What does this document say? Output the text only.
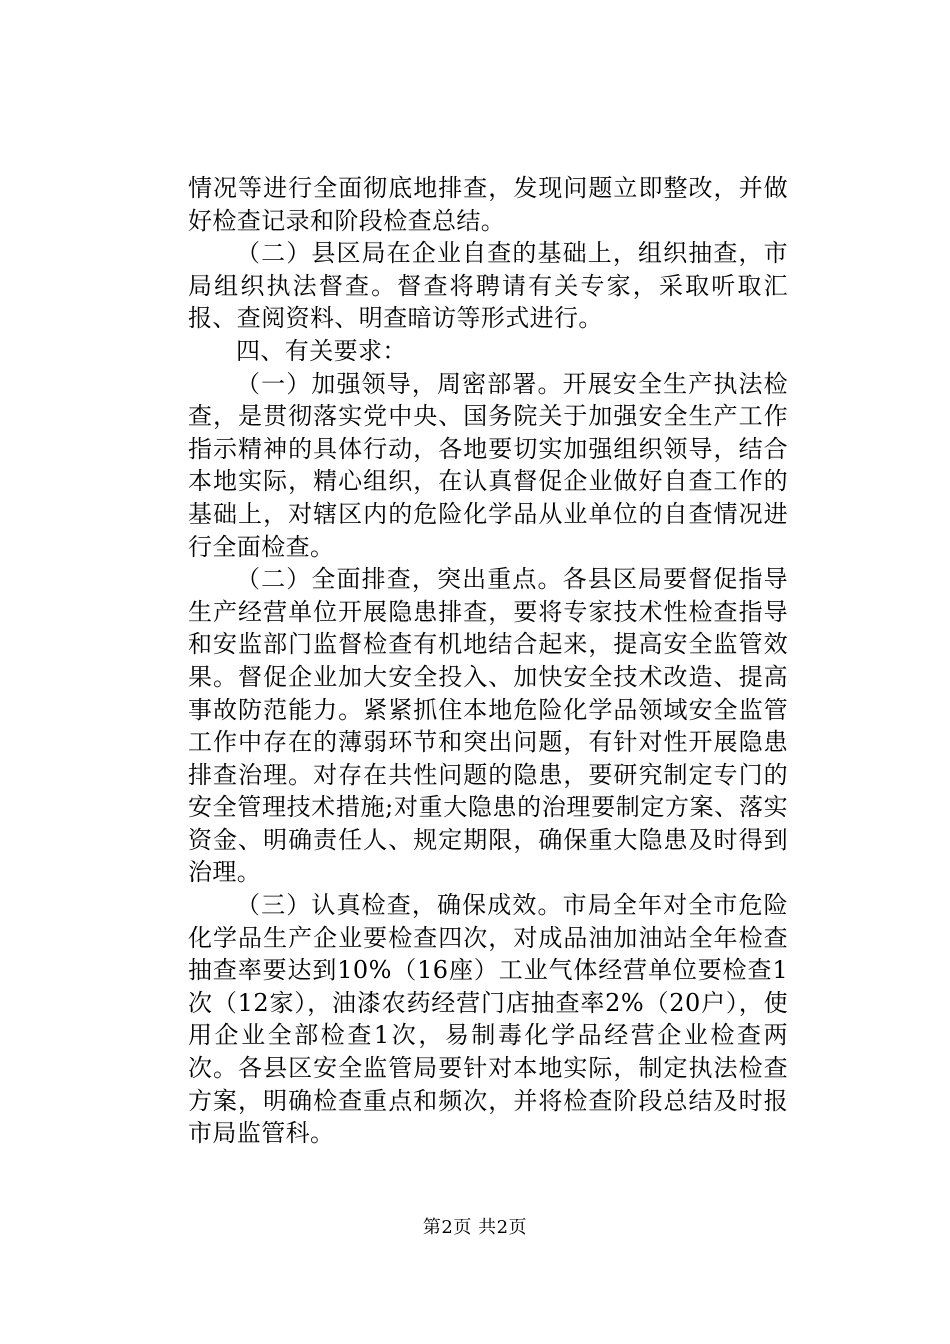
情况等进行全面彻底地排查，发现问题立即整改，并做好检查记录和阶段检查总结。

（二）县区局在企业自查的基础上，组织抽查，市局组织执法督查。督查将聘请有关专家，采取听取汇报、查阅资料、明查暗访等形式进行。

四、有关要求：

（一）加强领导，周密部署。开展安全生产执法检查，是贯彻落实党中央、国务院关于加强安全生产工作指示精神的具体行动，各地要切实加强组织领导，结合本地实际，精心组织，在认真督促企业做好自查工作的基础上，对辖区内的危险化学品从业单位的自查情况进行全面检查。

（二）全面排查，突出重点。各县区局要督促指导生产经营单位开展隐患排查，要将专家技术性检查指导和安监部门监督检查有机地结合起来，提高安全监管效果。督促企业加大安全投入、加快安全技术改造、提高事故防范能力。紧紧抓住本地危险化学品领域安全监管工作中存在的薄弱环节和突出问题，有针对性开展隐患排查治理。对存在共性问题的隐患，要研究制定专门的安全管理技术措施;对重大隐患的治理要制定方案、落实资金、明确责任人、规定期限，确保重大隐患及时得到治理。

（三）认真检查，确保成效。市局全年对全市危险化学品生产企业要检查四次，对成品油加油站全年检查抽查率要达到10%（16座）工业气体经营单位要检查1次（12家），油漆农药经营门店抽查率2%（20户），使用企业全部检查1次，易制毒化学品经营企业检查两次。各县区安全监管局要针对本地实际，制定执法检查方案，明确检查重点和频次，并将检查阶段总结及时报市局监管科。

第2页 共2页
